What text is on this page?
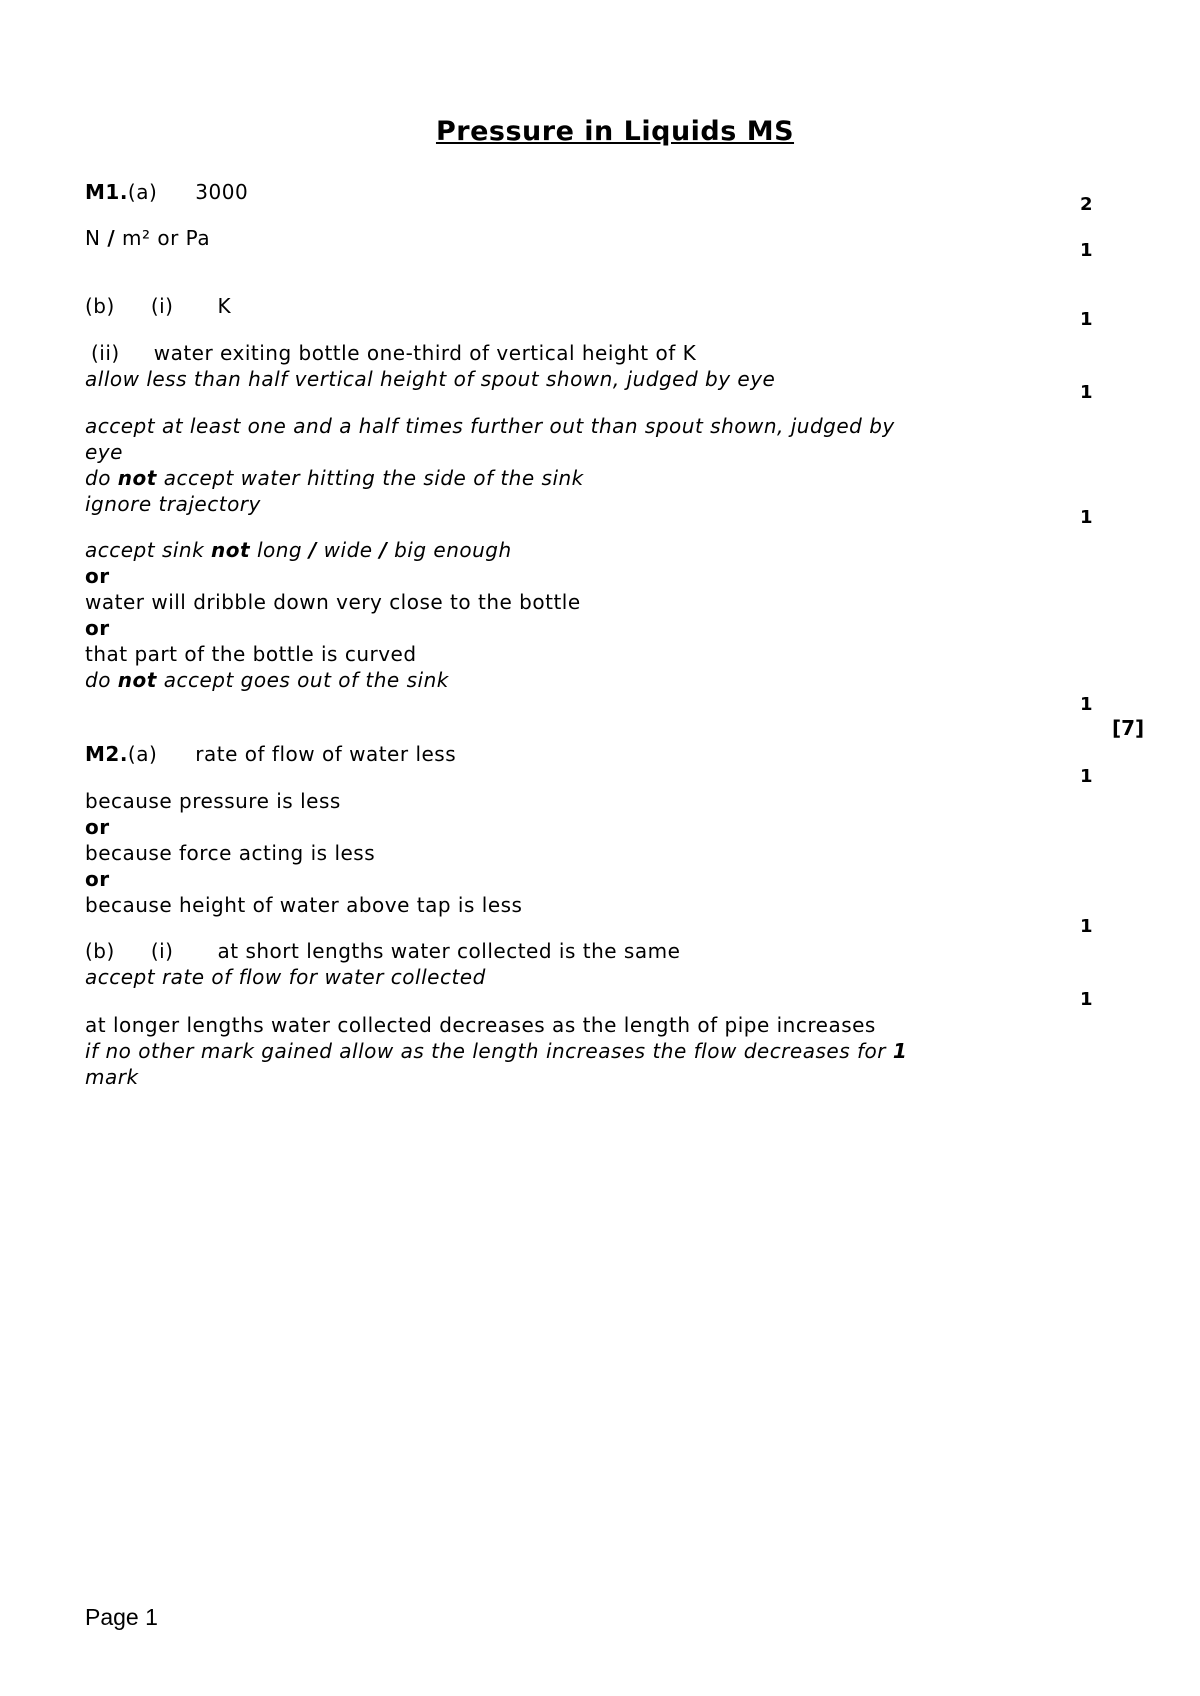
Pressure in Liquids MS
M1.(a) 3000
2
N / m² or Pa
1
(b) (i) K
1
(ii) water exiting bottle one-third of vertical height of K
allow less than half vertical height of spout shown, judged by eye
1
accept at least one and a half times further out than spout shown, judged by
eye
do not accept water hitting the side of the sink
ignore trajectory
1
accept sink not long / wide / big enough
or
water will dribble down very close to the bottle
or
that part of the bottle is curved
do not accept goes out of the sink
1
[7]
M2.(a) rate of flow of water less
1
because pressure is less
or
because force acting is less
or
because height of water above tap is less
1
(b) (i) at short lengths water collected is the same
accept rate of flow for water collected
1
at longer lengths water collected decreases as the length of pipe increases
if no other mark gained allow as the length increases the flow decreases for 1
mark
Page 1
